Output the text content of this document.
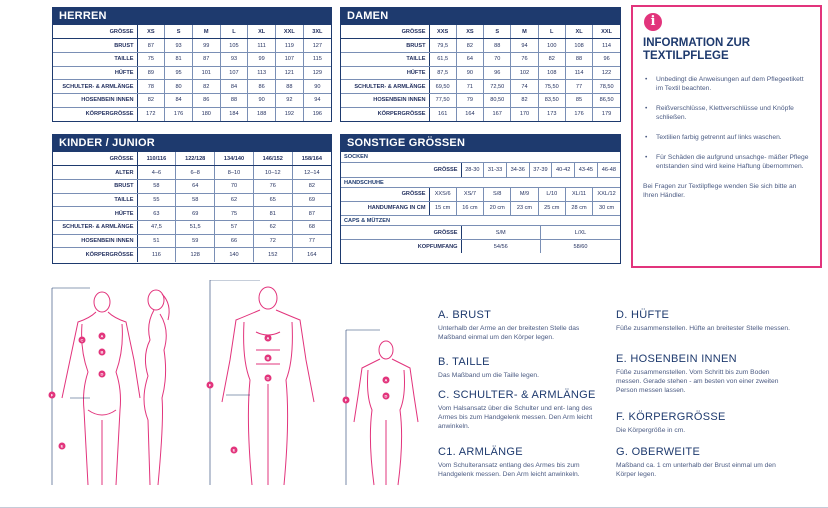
HERREN
GRÖSSE	XS	S	M	L	XL	XXL	3XL
BRUST	87	93	99	105	111	119	127
TAILLE	75	81	87	93	99	107	115
HÜFTE	89	95	101	107	113	121	129
SCHULTER- & ARMLÄNGE	78	80	82	84	86	88	90
HOSENBEIN INNEN	82	84	86	88	90	92	94
KÖRPERGRÖSSE	172	176	180	184	188	192	196
DAMEN
GRÖSSE	XXS	XS	S	M	L	XL	XXL
BRUST	79,5	82	88	94	100	108	114
TAILLE	61,5	64	70	76	82	88	96
HÜFTE	87,5	90	96	102	108	114	122
SCHULTER- & ARMLÄNGE	69,50	71	72,50	74	75,50	77	78,50
HOSENBEIN INNEN	77,50	79	80,50	82	83,50	85	86,50
KÖRPERGRÖSSE	161	164	167	170	173	176	179
KINDER / JUNIOR
GRÖSSE	110/116	122/128	134/140	146/152	158/164
ALTER	4–6	6–8	8–10	10–12	12–14
BRUST	58	64	70	76	82
TAILLE	55	58	62	65	69
HÜFTE	63	69	75	81	87
SCHULTER- & ARMLÄNGE	47,5	51,5	57	62	68
HOSENBEIN INNEN	51	59	66	72	77
KÖRPERGRÖSSE	116	128	140	152	164
SONSTIGE GRÖSSEN
SOCKEN
GRÖSSE	28-30	31-33	34-36	37-39	40-42	43-45	46-48
HANDSCHUHE
GRÖSSE	XXS/6	XS/7	S/8	M/9	L/10	XL/11	XXL/12
HANDUMFANG IN CM	15 cm	16 cm	20 cm	23 cm	25 cm	28 cm	30 cm
CAPS & MÜTZEN
GRÖSSE	S/M	L/XL
KOPFUMFANG	54/56	58/60
i
INFORMATION ZUR TEXTILPFLEGE
• Unbedingt die Anweisungen auf dem Pflegeetikett im Textil beachten.
• Reißverschlüsse, Klettverschlüsse und Knöpfe schließen.
• Textilien farbig getrennt auf links waschen.
• Für Schäden die aufgrund unsachge- mäßer Pflege entstanden sind wird keine Haftung übernommen.

Bei Fragen zur Textilpflege wenden Sie sich bitte an Ihren Händler.

A
B
D
C	A
B
D	A
D
F
F
F
E
E
A. BRUST
Unterhalb der Arme an der breitesten Stelle das Maßband einmal um den Körper legen.
B. TAILLE
Das Maßband um die Taille legen.
C. SCHULTER- & ARMLÄNGE
Vom Halsansatz über die Schulter und ent- lang des Armes bis zum Handgelenk messen. Den Arm leicht anwinkeln.
C1. ARMLÄNGE
Vom Schulteransatz entlang des Armes bis zum Handgelenk messen. Den Arm leicht anwinkeln.
D. HÜFTE
Füße zusammenstellen. Hüfte an breitester Stelle messen.
E. HOSENBEIN INNEN
Füße zusammenstellen. Vom Schritt bis zum Boden messen. Gerade stehen - am besten von einer zweiten Person messen lassen.
F. KÖRPERGRÖSSE
Die Körpergröße in cm.
G. OBERWEITE
Maßband ca. 1 cm unterhalb der Brust einmal um den Körper legen.
